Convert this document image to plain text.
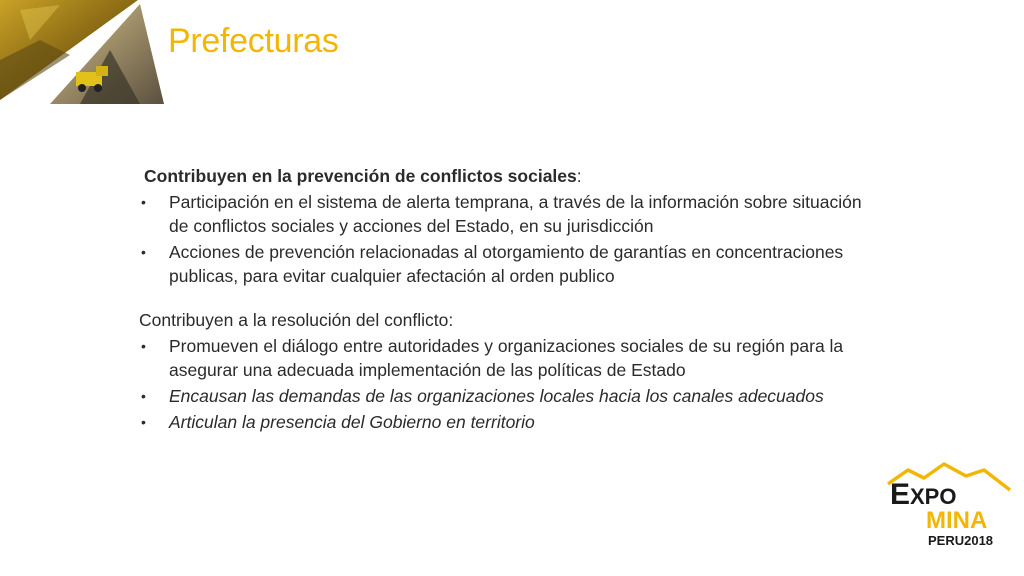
Prefecturas

Contribuyen en la prevención de conflictos sociales:

• Participación en el sistema de alerta temprana, a través de la información sobre situación de conflictos sociales y acciones del Estado, en su jurisdicción
• Acciones de prevención relacionadas al otorgamiento de garantías en concentraciones publicas, para evitar cualquier afectación al orden publico

Contribuyen a la resolución del conflicto:

• Promueven el diálogo entre autoridades y organizaciones sociales de su región para la asegurar una adecuada implementación de las políticas de Estado
• Encausan las demandas de las organizaciones locales hacia los canales adecuados
• Articulan la presencia del Gobierno en territorio
E XPO
MINA
PERU2018
